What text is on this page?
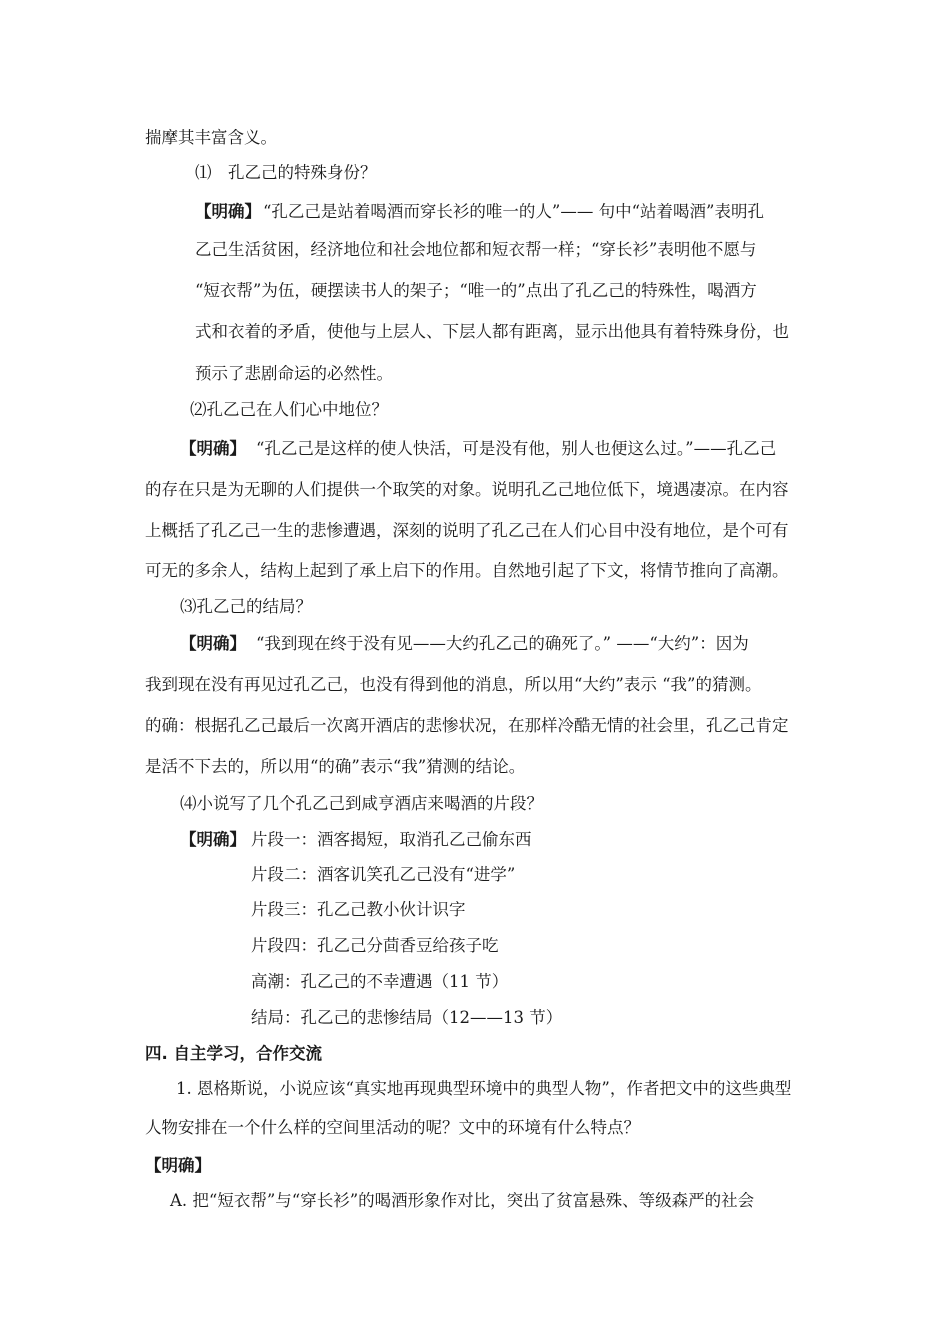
揣摩其丰富含义。
⑴　孔乙己的特殊身份？
【明确】 “孔乙己是站着喝酒而穿长衫的唯一的人”—— 句中“站着喝酒”表明孔
乙己生活贫困，经济地位和社会地位都和短衣帮一样；“穿长衫”表明他不愿与
“短衣帮”为伍，硬摆读书人的架子；“唯一的”点出了孔乙己的特殊性，喝酒方
式和衣着的矛盾，使他与上层人、下层人都有距离，显示出他具有着特殊身份，也
预示了悲剧命运的必然性。
⑵孔乙己在人们心中地位？
【明确】 “孔乙己是这样的使人快活，可是没有他，别人也便这么过。”——孔乙己
的存在只是为无聊的人们提供一个取笑的对象。说明孔乙己地位低下，境遇凄凉。在内容
上概括了孔乙己一生的悲惨遭遇，深刻的说明了孔乙己在人们心目中没有地位，是个可有
可无的多余人，结构上起到了承上启下的作用。自然地引起了下文，将情节推向了高潮。
⑶孔乙己的结局？
【明确】 “我到现在终于没有见——大约孔乙己的确死了。” ——“大约”：因为
我到现在没有再见过孔乙己，也没有得到他的消息，所以用“大约”表示 “我”的猜测。
的确：根据孔乙己最后一次离开酒店的悲惨状况，在那样冷酷无情的社会里，孔乙己肯定
是活不下去的，所以用“的确”表示“我”猜测的结论。
⑷小说写了几个孔乙己到咸亨酒店来喝酒的片段？
【明确】 片段一：酒客揭短，取消孔乙己偷东西
片段二：酒客讥笑孔乙己没有“进学”
片段三：孔乙己教小伙计识字
片段四：孔乙己分茴香豆给孩子吃
高潮：孔乙己的不幸遭遇（11 节）
结局：孔乙己的悲惨结局（12——13 节）
四. 自主学习，合作交流
1. 恩格斯说，小说应该“真实地再现典型环境中的典型人物”，作者把文中的这些典型
人物安排在一个什么样的空间里活动的呢？文中的环境有什么特点？
【明确】
A. 把“短衣帮”与“穿长衫”的喝酒形象作对比，突出了贫富悬殊、等级森严的社会
